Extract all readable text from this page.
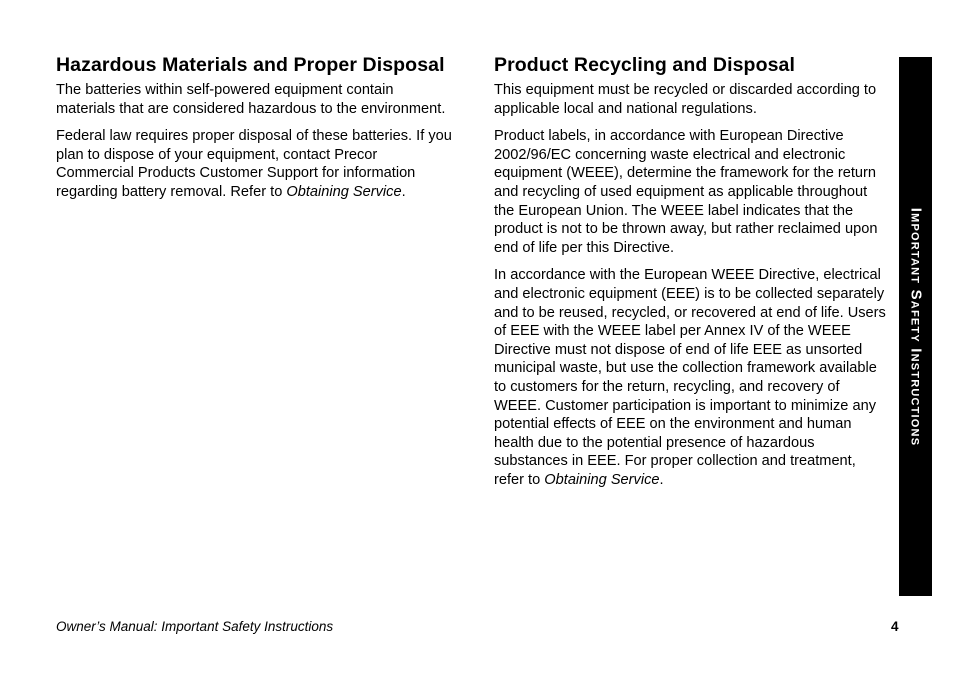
Hazardous Materials and Proper Disposal

The batteries within self-powered equipment contain materials that are considered hazardous to the environment.

Federal law requires proper disposal of these batteries. If you plan to dispose of your equipment, contact Precor Commercial Products Customer Support for information regarding battery removal. Refer to Obtaining Service.

Product Recycling and Disposal

This equipment must be recycled or discarded according to applicable local and national regulations.

Product labels, in accordance with European Directive 2002/96/EC concerning waste electrical and electronic equipment (WEEE), determine the framework for the return and recycling of used equipment as applicable throughout the European Union. The WEEE label indicates that the product is not to be thrown away, but rather reclaimed upon end of life per this Directive.

In accordance with the European WEEE Directive, electrical and electronic equipment (EEE) is to be collected separately and to be reused, recycled, or recovered at end of life. Users of EEE with the WEEE label per Annex IV of the WEEE Directive must not dispose of end of life EEE as unsorted municipal waste, but use the collection framework available to customers for the return, recycling, and recovery of WEEE. Customer participation is important to minimize any potential effects of EEE on the environment and human health due to the potential presence of hazardous substances in EEE. For proper collection and treatment, refer to Obtaining Service.

Important Safety Instructions
Owner’s Manual: Important Safety Instructions	4
